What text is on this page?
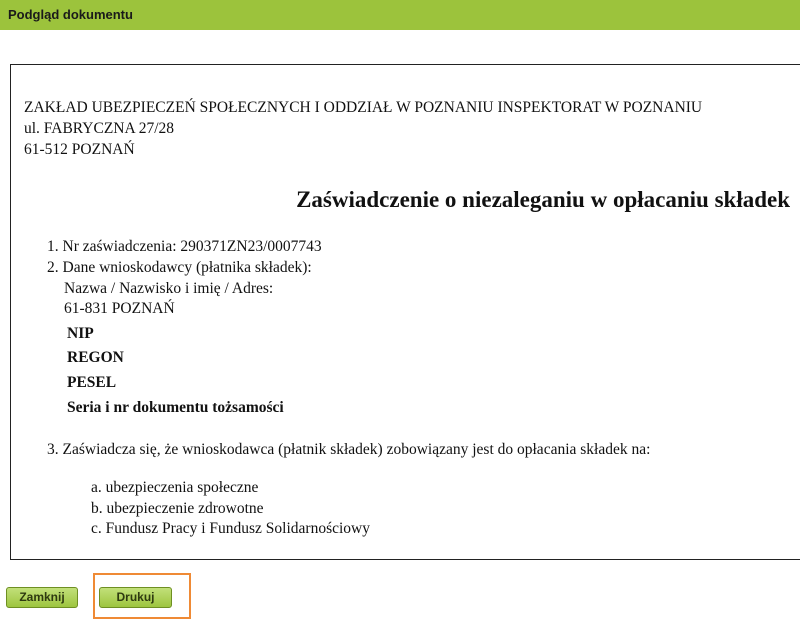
Podgląd dokumentu
ZAKŁAD UBEZPIECZEŃ SPOŁECZNYCH I ODDZIAŁ W POZNANIU INSPEKTORAT W POZNANIU
ul. FABRYCZNA 27/28
61-512 POZNAŃ
Zaświadczenie o niezaleganiu w opłacaniu składek
1. Nr zaświadczenia: 290371ZN23/0007743
2. Dane wnioskodawcy (płatnika składek):
Nazwa / Nazwisko i imię / Adres:
61-831 POZNAŃ
NIP
REGON
PESEL
Seria i nr dokumentu tożsamości
3. Zaświadcza się, że wnioskodawca (płatnik składek) zobowiązany jest do opłacania składek na:
a. ubezpieczenia społeczne
b. ubezpieczenie zdrowotne
c. Fundusz Pracy i Fundusz Solidarnościowy
Zamknij	Drukuj
